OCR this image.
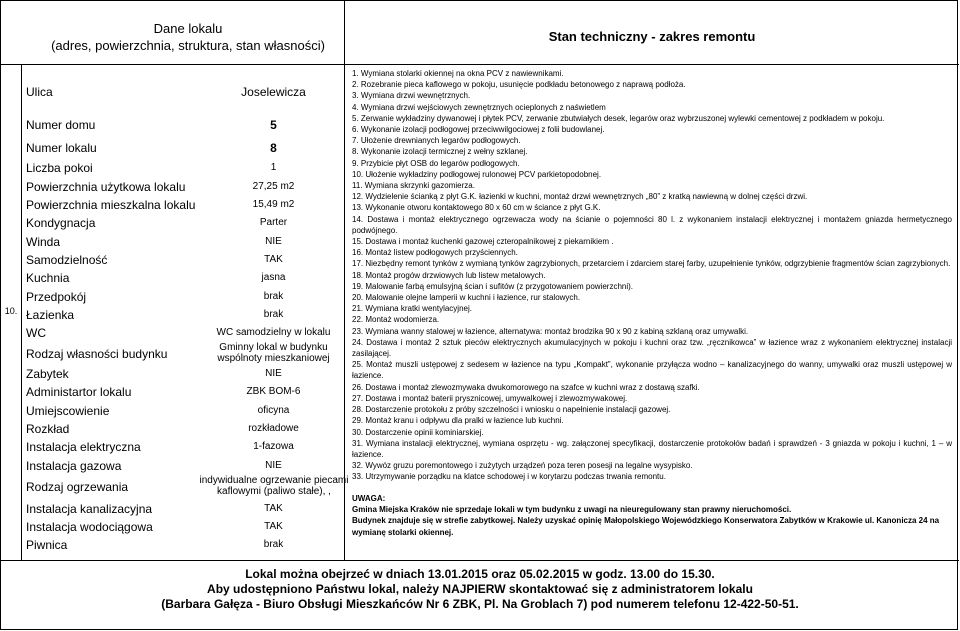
Dane lokalu
(adres, powierzchnia, struktura, stan własności)
Stan techniczny - zakres remontu
10.
Ulica
Numer domu
Numer lokalu
Liczba pokoi
Powierzchnia użytkowa lokalu
Powierzchnia mieszkalna lokalu
Kondygnacja
Winda
Samodzielność
Kuchnia
Przedpokój
Łazienka
WC
Rodzaj własności budynku
Zabytek
Administartor lokalu
Umiejscowienie
Rozkład
Instalacja elektryczna
Instalacja gazowa
Rodzaj ogrzewania
Instalacja kanalizacyjna
Instalacja wodociągowa
Piwnica
Joselewicza
5
8
1
27,25 m2
15,49 m2
Parter
NIE
TAK
jasna
brak
brak
WC samodzielny w lokalu
Gminny lokal w budynku wspólnoty mieszkaniowej
NIE
ZBK BOM-6
oficyna
rozkładowe
1-fazowa
NIE
indywidualne ogrzewanie piecami kaflowymi (paliwo stałe), ,
TAK
TAK
brak
1. Wymiana stolarki okiennej na okna PCV z nawiewnikami.
2. Rozebranie pieca kaflowego w pokoju, usunięcie podkładu betonowego z naprawą podłoża.
3. Wymiana drzwi wewnętrznych.
4. Wymiana drzwi wejściowych zewnętrznych ocieplonych z naświetlem
5. Zerwanie wykładziny dywanowej i płytek PCV, zerwanie zbutwiałych desek, legarów oraz wybrzuszonej wylewki cementowej z podkładem w pokoju.
6. Wykonanie izolacji podłogowej przeciwwilgociowej z folii budowlanej.
7. Ułożenie drewnianych legarów podłogowych.
8. Wykonanie izolacji termicznej z wełny szklanej.
9. Przybicie płyt OSB do legarów podłogowych.
10. Ułożenie wykładziny podłogowej rulonowej PCV parkietopodobnej.
11. Wymiana skrzynki gazomierza.
12. Wydzielenie ścianką z płyt G.K. łazienki w kuchni, montaż drzwi wewnętrznych „80” z kratką nawiewną w dolnej części drzwi.
13. Wykonanie otworu kontaktowego 80 x 60 cm w ściance z płyt G.K.
14. Dostawa i montaż elektrycznego ogrzewacza wody na ścianie o pojemności 80 l. z wykonaniem instalacji elektrycznej i montażem gniazda hermetycznego podwójnego.
15. Dostawa i montaż kuchenki gazowej czteropalnikowej z piekarnikiem .
16. Montaż listew podłogowych przyściennych.
17. Niezbędny remont tynków z wymianą tynków zagrzybionych, przetarciem i zdarciem starej farby, uzupełnienie tynków, odgrzybienie fragmentów ścian zagrzybionych.
18. Montaż progów drzwiowych lub listew metalowych.
19. Malowanie farbą emulsyjną ścian i sufitów (z przygotowaniem powierzchni).
20. Malowanie olejne lamperii w kuchni i łazience, rur stalowych.
21. Wymiana kratki wentylacyjnej.
22. Montaż wodomierza.
23. Wymiana wanny stalowej w łazience, alternatywa: montaż brodzika 90 x 90 z kabiną szklaną oraz umywalki.
24. Dostawa i montaż 2 sztuk pieców elektrycznych akumulacyjnych w pokoju i kuchni oraz tzw. „ręcznikowca” w łazience wraz z wykonaniem elektrycznej instalacji zasilającej.
25. Montaż muszli ustępowej z sedesem w łazience na typu „Kompakt”, wykonanie przyłącza wodno – kanalizacyjnego do wanny, umywalki oraz muszli ustępowej w łazience.
26. Dostawa i montaż zlewozmywaka dwukomorowego na szafce w kuchni wraz z dostawą szafki.
27. Dostawa i montaż baterii prysznicowej, umywalkowej i zlewozmywakowej.
28. Dostarczenie protokołu z próby szczelności i wniosku o napełnienie instalacji gazowej.
29. Montaż kranu i odpływu dla pralki w łazience lub kuchni.
30. Dostarczenie opinii kominiarskiej.
31. Wymiana instalacji elektrycznej, wymiana osprzętu - wg. załączonej specyfikacji, dostarczenie protokołów badań i sprawdzeń - 3 gniazda w pokoju i kuchni, 1 – w łazience.
32. Wywóz gruzu poremontowego i zużytych urządzeń poza teren posesji na legalne wysypisko.
33. Utrzymywanie porządku na klatce schodowej i w korytarzu podczas trwania remontu.
UWAGA:
Gmina Miejska Kraków nie sprzedaje lokali w tym budynku z uwagi na nieuregulowany stan prawny nieruchomości.
Budynek znajduje się w strefie zabytkowej. Należy uzyskać opinię Małopolskiego Wojewódzkiego Konserwatora Zabytków w Krakowie ul. Kanonicza 24 na wymianę stolarki okiennej.
Lokal można obejrzeć w dniach 13.01.2015 oraz 05.02.2015 w godz. 13.00 do 15.30.
Aby udostępniono Państwu lokal, należy NAJPIERW skontaktować się z administratorem lokalu
(Barbara Gałęza - Biuro Obsługi Mieszkańców Nr 6 ZBK, Pl. Na Groblach 7) pod numerem telefonu 12-422-50-51.
